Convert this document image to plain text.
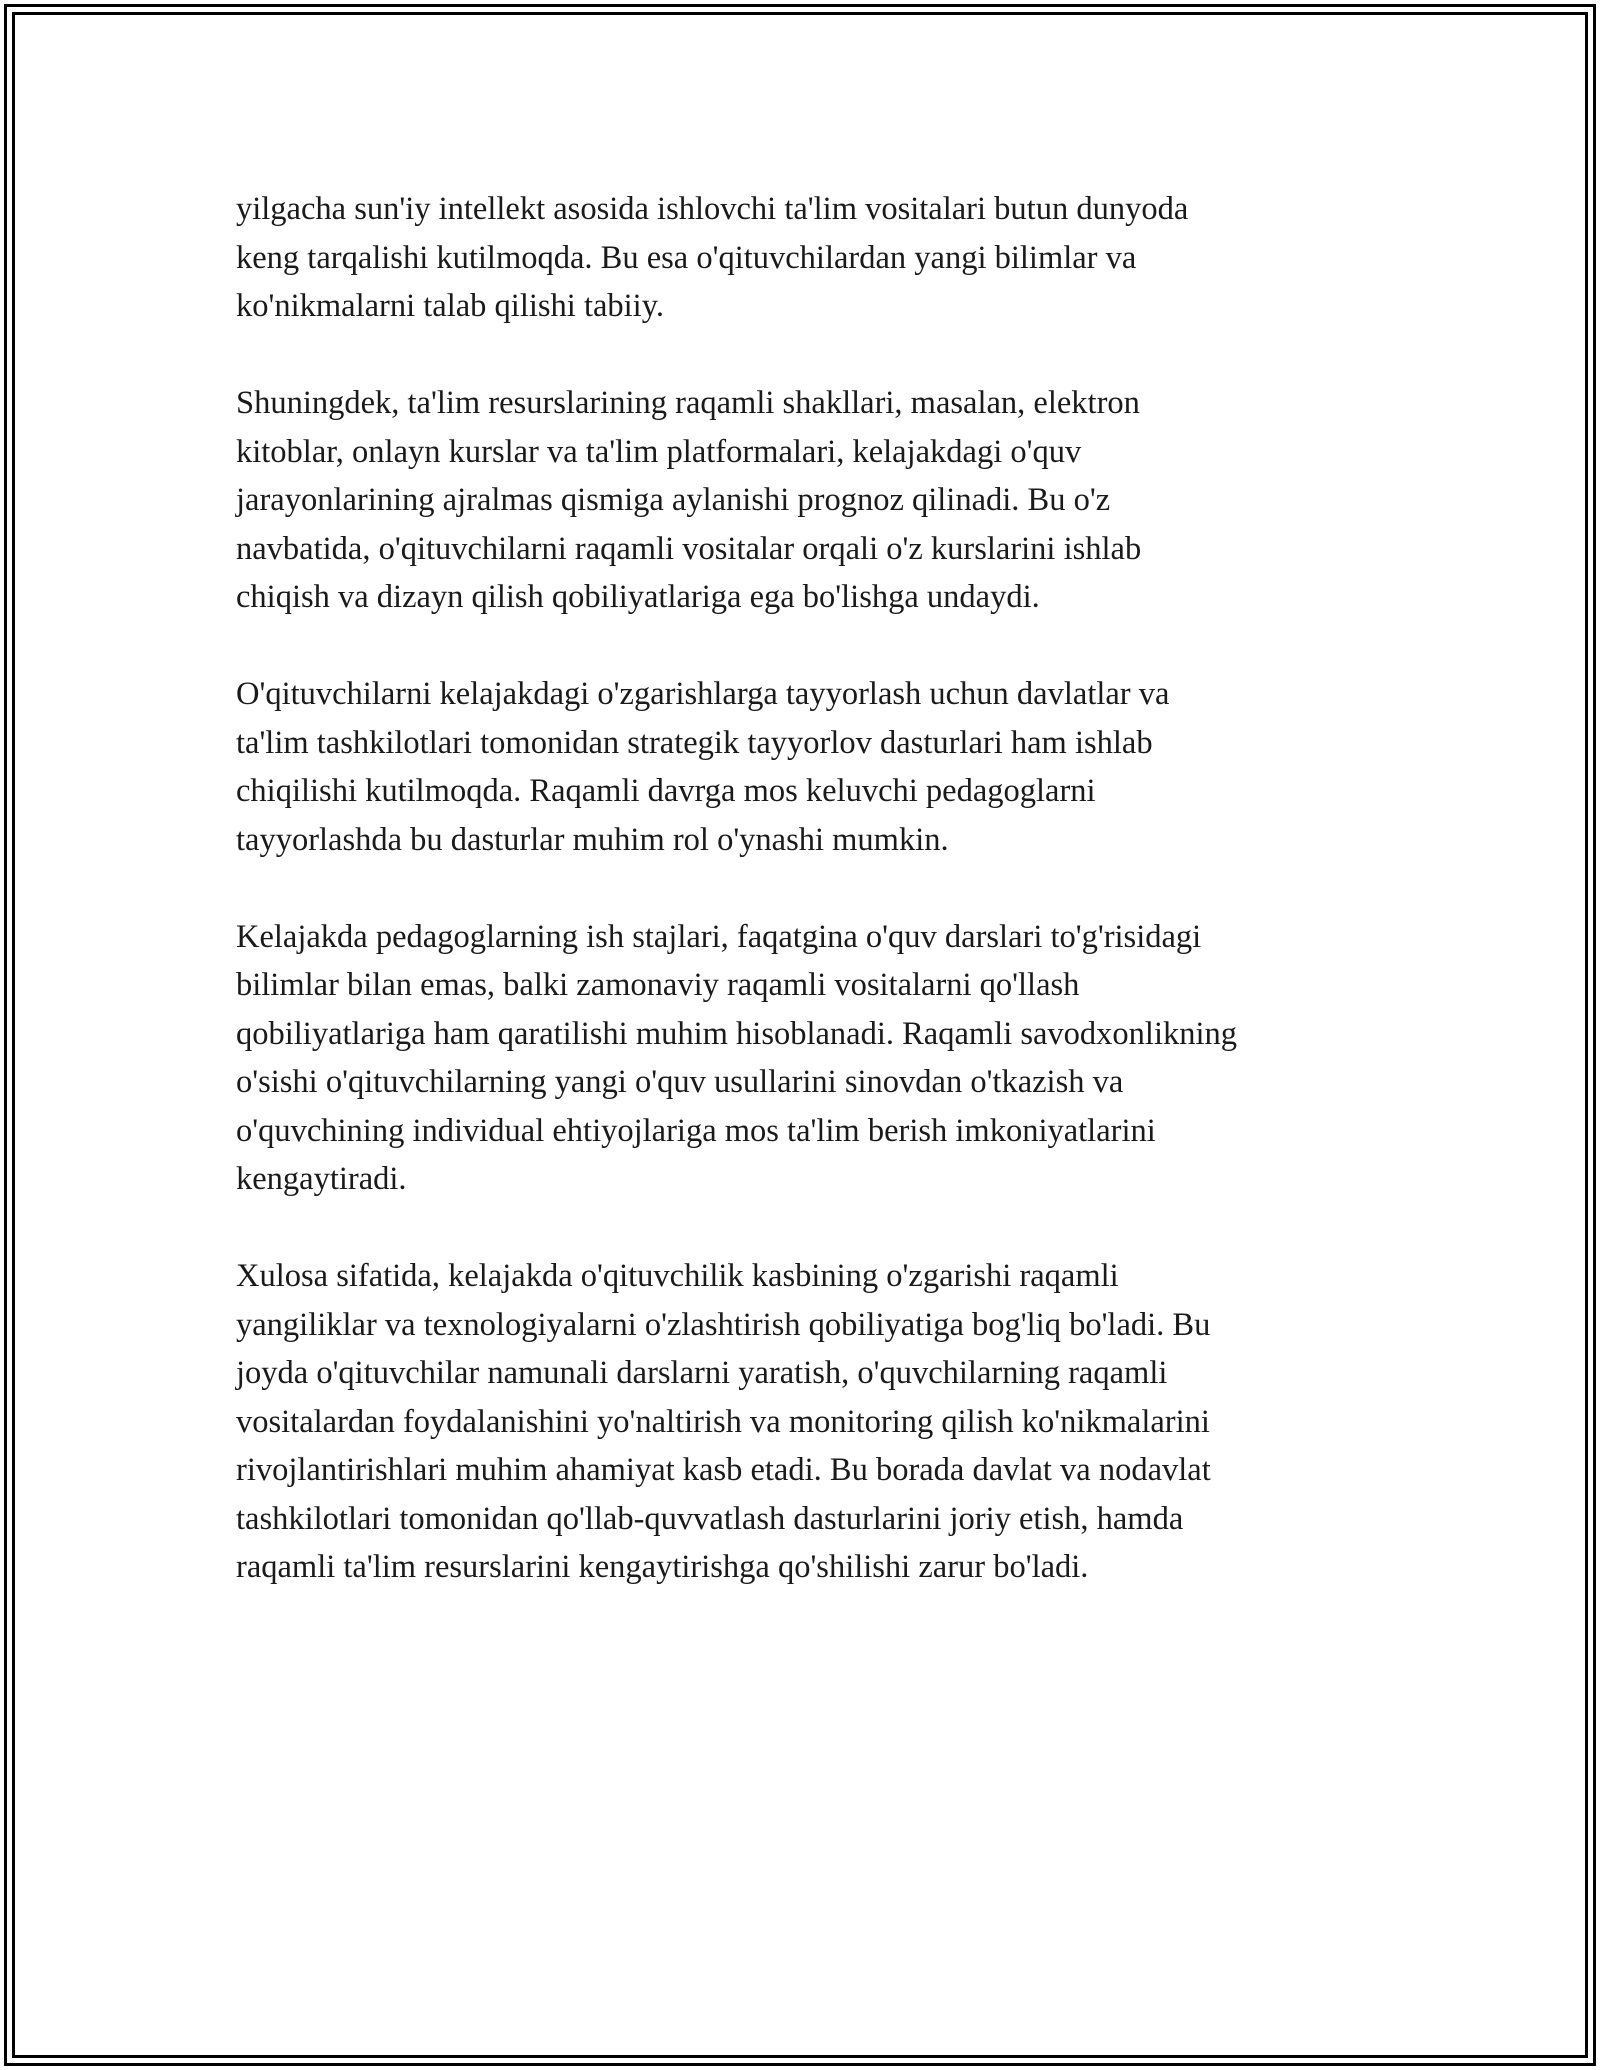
yilgacha sun'iy intellekt asosida ishlovchi ta'lim vositalari butun dunyoda
keng tarqalishi kutilmoqda. Bu esa o'qituvchilardan yangi bilimlar va
ko'nikmalarni talab qilishi tabiiy.

Shuningdek, ta'lim resurslarining raqamli shakllari, masalan, elektron
kitoblar, onlayn kurslar va ta'lim platformalari, kelajakdagi o'quv
jarayonlarining ajralmas qismiga aylanishi prognoz qilinadi. Bu o'z
navbatida, o'qituvchilarni raqamli vositalar orqali o'z kurslarini ishlab
chiqish va dizayn qilish qobiliyatlariga ega bo'lishga undaydi.

O'qituvchilarni kelajakdagi o'zgarishlarga tayyorlash uchun davlatlar va
ta'lim tashkilotlari tomonidan strategik tayyorlov dasturlari ham ishlab
chiqilishi kutilmoqda. Raqamli davrga mos keluvchi pedagoglarni
tayyorlashda bu dasturlar muhim rol o'ynashi mumkin.

Kelajakda pedagoglarning ish stajlari, faqatgina o'quv darslari to'g'risidagi
bilimlar bilan emas, balki zamonaviy raqamli vositalarni qo'llash
qobiliyatlariga ham qaratilishi muhim hisoblanadi. Raqamli savodxonlikning
o'sishi o'qituvchilarning yangi o'quv usullarini sinovdan o'tkazish va
o'quvchining individual ehtiyojlariga mos ta'lim berish imkoniyatlarini
kengaytiradi.

Xulosa sifatida, kelajakda o'qituvchilik kasbining o'zgarishi raqamli
yangiliklar va texnologiyalarni o'zlashtirish qobiliyatiga bog'liq bo'ladi. Bu
joyda o'qituvchilar namunali darslarni yaratish, o'quvchilarning raqamli
vositalardan foydalanishini yo'naltirish va monitoring qilish ko'nikmalarini
rivojlantirishlari muhim ahamiyat kasb etadi. Bu borada davlat va nodavlat
tashkilotlari tomonidan qo'llab-quvvatlash dasturlarini joriy etish, hamda
raqamli ta'lim resurslarini kengaytirishga qo'shilishi zarur bo'ladi.
